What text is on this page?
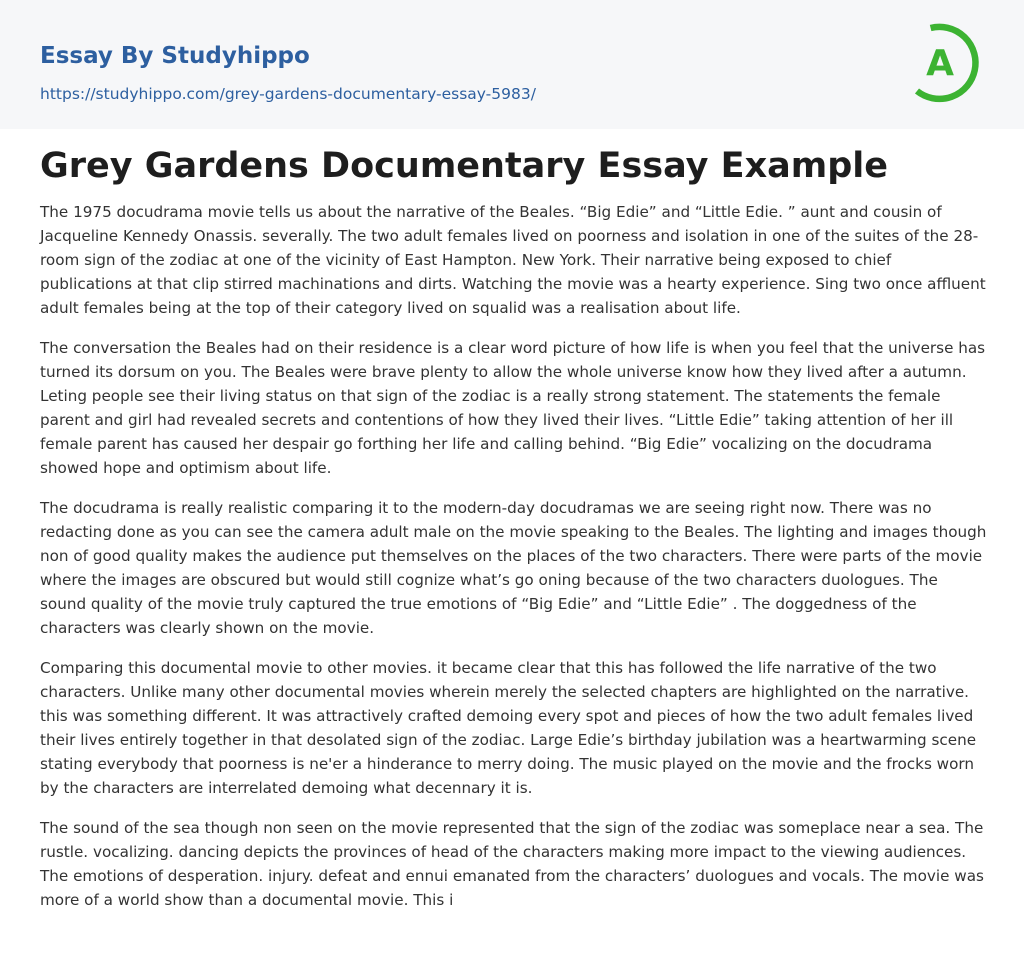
Essay By Studyhippo
https://studyhippo.com/grey-gardens-documentary-essay-5983/
A
Grey Gardens Documentary Essay Example

The 1975 docudrama movie tells us about the narrative of the Beales. “Big Edie” and “Little Edie. ” aunt and cousin of Jacqueline Kennedy Onassis. severally. The two adult females lived on poorness and isolation in one of the suites of the 28-room sign of the zodiac at one of the vicinity of East Hampton. New York. Their narrative being exposed to chief publications at that clip stirred machinations and dirts. Watching the movie was a hearty experience. Sing two once affluent adult females being at the top of their category lived on squalid was a realisation about life.

The conversation the Beales had on their residence is a clear word picture of how life is when you feel that the universe has turned its dorsum on you. The Beales were brave plenty to allow the whole universe know how they lived after a autumn. Leting people see their living status on that sign of the zodiac is a really strong statement. The statements the female parent and girl had revealed secrets and contentions of how they lived their lives. “Little Edie” taking attention of her ill female parent has caused her despair go forthing her life and calling behind. “Big Edie” vocalizing on the docudrama showed hope and optimism about life.

The docudrama is really realistic comparing it to the modern-day docudramas we are seeing right now. There was no redacting done as you can see the camera adult male on the movie speaking to the Beales. The lighting and images though non of good quality makes the audience put themselves on the places of the two characters. There were parts of the movie where the images are obscured but would still cognize what’s go oning because of the two characters duologues. The sound quality of the movie truly captured the true emotions of “Big Edie” and “Little Edie” . The doggedness of the characters was clearly shown on the movie.

Comparing this documental movie to other movies. it became clear that this has followed the life narrative of the two characters. Unlike many other documental movies wherein merely the selected chapters are highlighted on the narrative. this was something different. It was attractively crafted demoing every spot and pieces of how the two adult females lived their lives entirely together in that desolated sign of the zodiac. Large Edie’s birthday jubilation was a heartwarming scene stating everybody that poorness is ne'er a hinderance to merry doing. The music played on the movie and the frocks worn by the characters are interrelated demoing what decennary it is.

The sound of the sea though non seen on the movie represented that the sign of the zodiac was someplace near a sea. The rustle. vocalizing. dancing depicts the provinces of head of the characters making more impact to the viewing audiences. The emotions of desperation. injury. defeat and ennui emanated from the characters’ duologues and vocals. The movie was more of a world show than a documental movie. This i
